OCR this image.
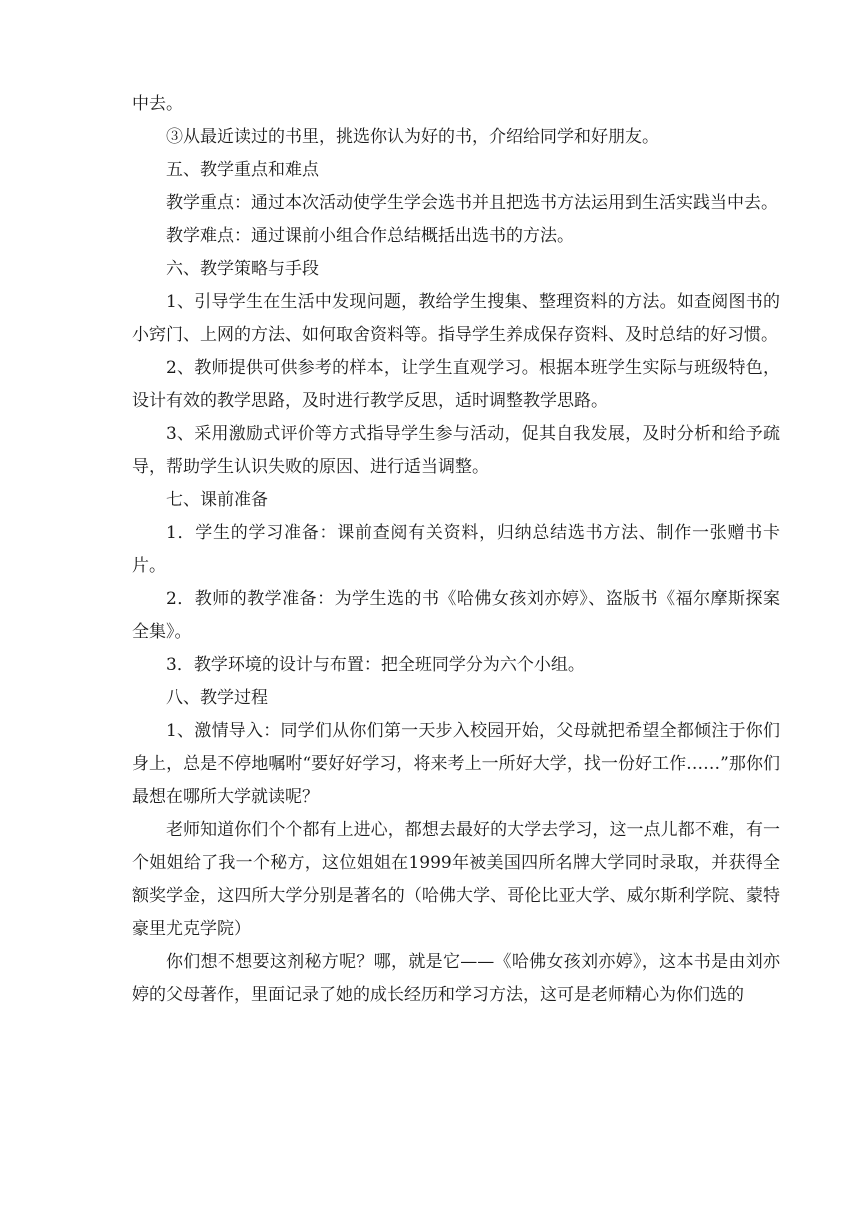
中去。

③从最近读过的书里，挑选你认为好的书，介绍给同学和好朋友。

五、教学重点和难点

教学重点：通过本次活动使学生学会选书并且把选书方法运用到生活实践当中去。

教学难点：通过课前小组合作总结概括出选书的方法。

六、教学策略与手段

1、引导学生在生活中发现问题，教给学生搜集、整理资料的方法。如查阅图书的小窍门、上网的方法、如何取舍资料等。指导学生养成保存资料、及时总结的好习惯。

2、教师提供可供参考的样本，让学生直观学习。根据本班学生实际与班级特色，设计有效的教学思路，及时进行教学反思，适时调整教学思路。

3、采用激励式评价等方式指导学生参与活动，促其自我发展，及时分析和给予疏导，帮助学生认识失败的原因、进行适当调整。

七、课前准备

1．学生的学习准备：课前查阅有关资料，归纳总结选书方法、制作一张赠书卡片。

2．教师的教学准备：为学生选的书《哈佛女孩刘亦婷》、盗版书《福尔摩斯探案全集》。

3．教学环境的设计与布置：把全班同学分为六个小组。

八、教学过程

1、激情导入：同学们从你们第一天步入校园开始，父母就把希望全都倾注于你们身上，总是不停地嘱咐“要好好学习，将来考上一所好大学，找一份好工作……”那你们最想在哪所大学就读呢？

老师知道你们个个都有上进心，都想去最好的大学去学习，这一点儿都不难，有一个姐姐给了我一个秘方，这位姐姐在1999年被美国四所名牌大学同时录取，并获得全额奖学金，这四所大学分别是著名的（哈佛大学、哥伦比亚大学、威尔斯利学院、蒙特豪里尤克学院）

你们想不想要这剂秘方呢？哪，就是它——《哈佛女孩刘亦婷》，这本书是由刘亦婷的父母著作，里面记录了她的成长经历和学习方法，这可是老师精心为你们选的
